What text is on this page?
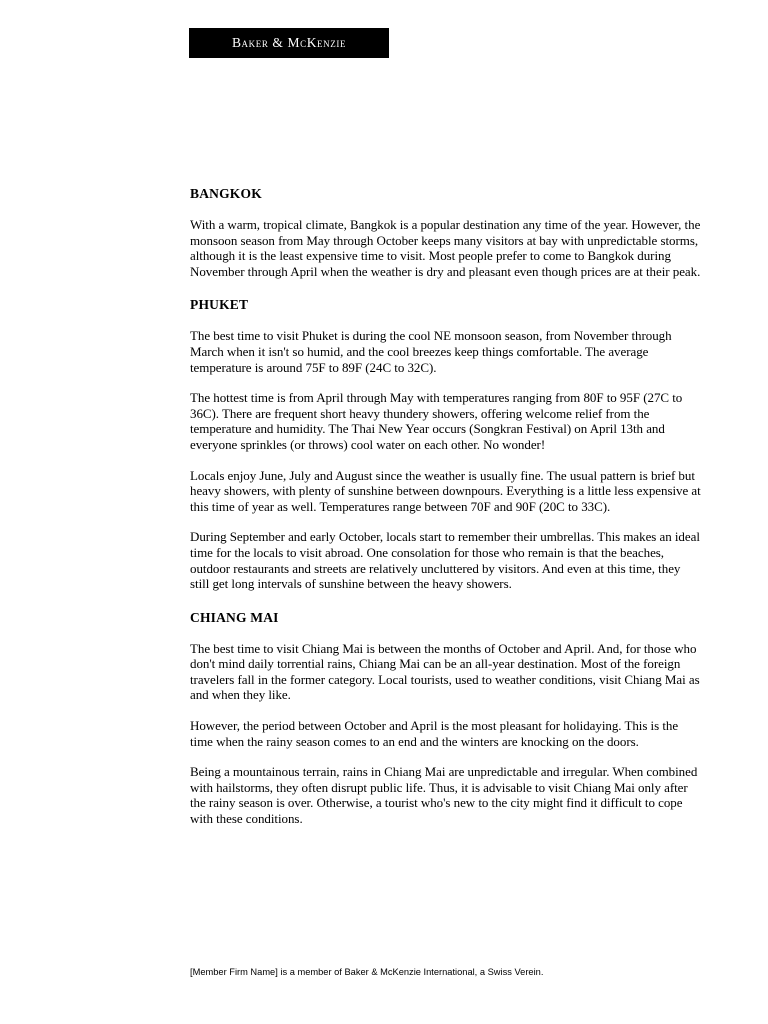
Baker & McKenzie
BANGKOK

With a warm, tropical climate, Bangkok is a popular destination any time of the year. However, the monsoon season from May through October keeps many visitors at bay with unpredictable storms, although it is the least expensive time to visit. Most people prefer to come to Bangkok during November through April when the weather is dry and pleasant even though prices are at their peak.

PHUKET

The best time to visit Phuket is during the cool NE monsoon season, from November through March when it isn't so humid, and the cool breezes keep things comfortable. The average temperature is around 75F to 89F (24C to 32C).

The hottest time is from April through May with temperatures ranging from 80F to 95F (27C to 36C). There are frequent short heavy thundery showers, offering welcome relief from the temperature and humidity. The Thai New Year occurs (Songkran Festival) on April 13th and everyone sprinkles (or throws) cool water on each other. No wonder!

Locals enjoy June, July and August since the weather is usually fine. The usual pattern is brief but heavy showers, with plenty of sunshine between downpours. Everything is a little less expensive at this time of year as well. Temperatures range between 70F and 90F (20C to 33C).

During September and early October, locals start to remember their umbrellas. This makes an ideal time for the locals to visit abroad. One consolation for those who remain is that the beaches, outdoor restaurants and streets are relatively uncluttered by visitors. And even at this time, they still get long intervals of sunshine between the heavy showers.

CHIANG MAI

The best time to visit Chiang Mai is between the months of October and April. And, for those who don't mind daily torrential rains, Chiang Mai can be an all-year destination. Most of the foreign travelers fall in the former category. Local tourists, used to weather conditions, visit Chiang Mai as and when they like.

However, the period between October and April is the most pleasant for holidaying. This is the time when the rainy season comes to an end and the winters are knocking on the doors.

Being a mountainous terrain, rains in Chiang Mai are unpredictable and irregular. When combined with hailstorms, they often disrupt public life. Thus, it is advisable to visit Chiang Mai only after the rainy season is over. Otherwise, a tourist who's new to the city might find it difficult to cope with these conditions.

[Member Firm Name] is a member of Baker & McKenzie International, a Swiss Verein.
